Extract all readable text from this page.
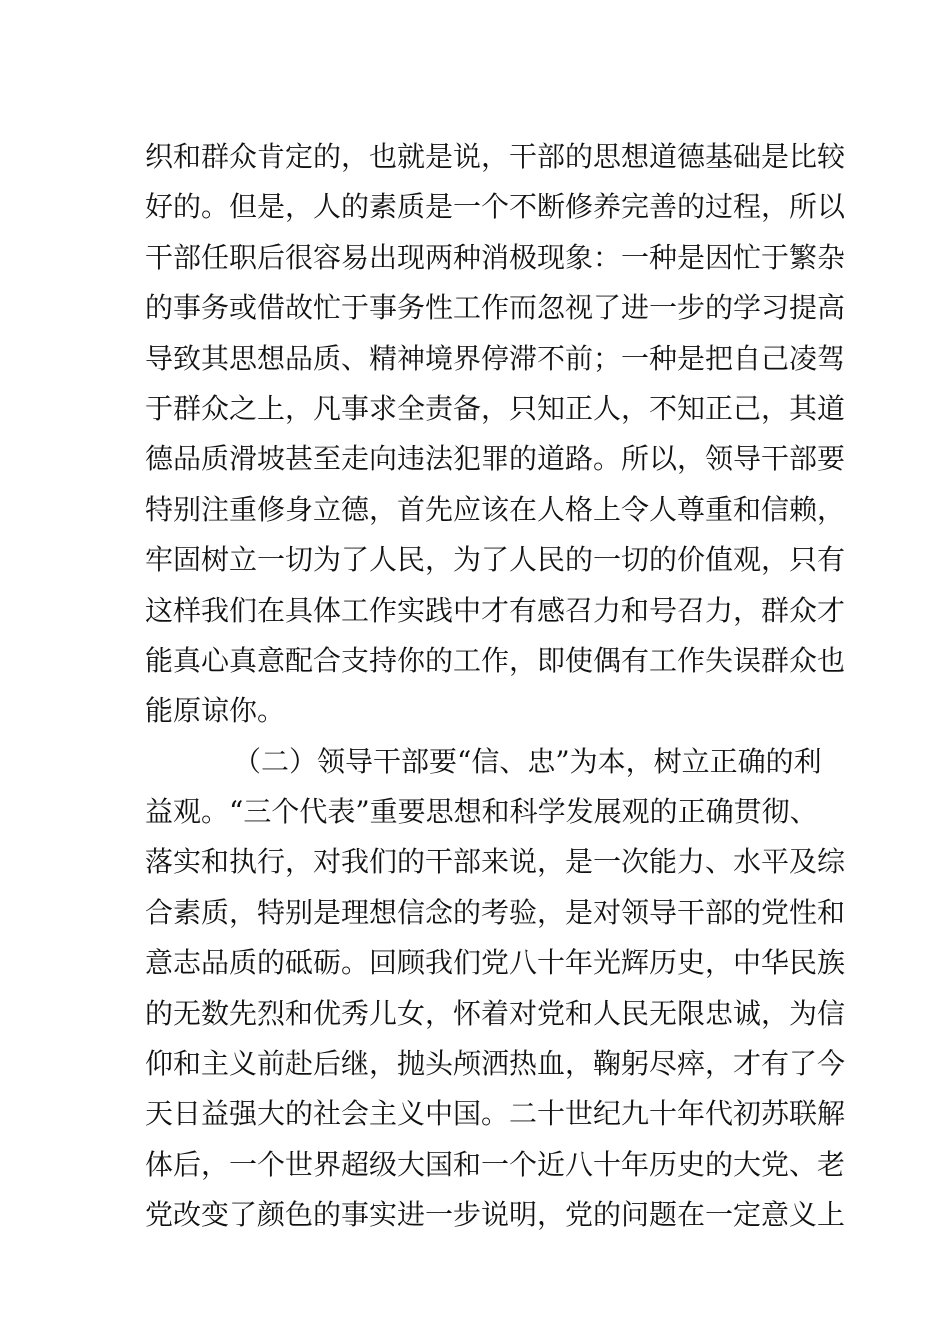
织和群众肯定的，也就是说，干部的思想道德基础是比较
好的。但是，人的素质是一个不断修养完善的过程，所以
干部任职后很容易出现两种消极现象：一种是因忙于繁杂
的事务或借故忙于事务性工作而忽视了进一步的学习提高
导致其思想品质、精神境界停滞不前；一种是把自己凌驾
于群众之上，凡事求全责备，只知正人，不知正己，其道
德品质滑坡甚至走向违法犯罪的道路。所以，领导干部要
特别注重修身立德，首先应该在人格上令人尊重和信赖，
牢固树立一切为了人民，为了人民的一切的价值观，只有
这样我们在具体工作实践中才有感召力和号召力，群众才
能真心真意配合支持你的工作，即使偶有工作失误群众也
能原谅你。
（二）领导干部要“信、忠”为本，树立正确的利
益观。“三个代表”重要思想和科学发展观的正确贯彻、
落实和执行，对我们的干部来说，是一次能力、水平及综
合素质，特别是理想信念的考验，是对领导干部的党性和
意志品质的砥砺。回顾我们党八十年光辉历史，中华民族
的无数先烈和优秀儿女，怀着对党和人民无限忠诚，为信
仰和主义前赴后继，抛头颅洒热血，鞠躬尽瘁，才有了今
天日益强大的社会主义中国。二十世纪九十年代初苏联解
体后，一个世界超级大国和一个近八十年历史的大党、老
党改变了颜色的事实进一步说明，党的问题在一定意义上
